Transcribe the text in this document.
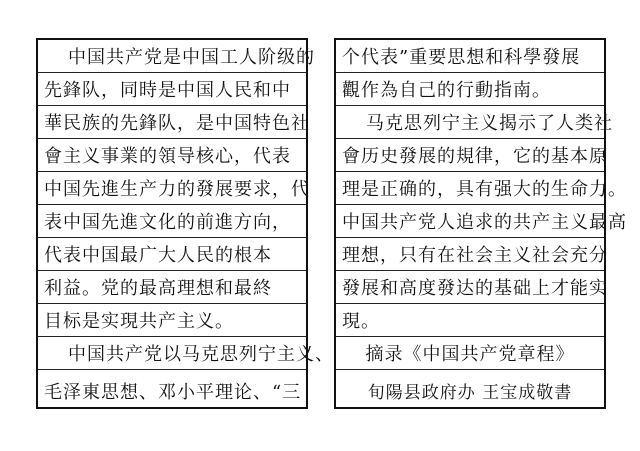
中国共产党是中国工人阶级的
先鋒队，同時是中国人民和中
華民族的先鋒队，是中国特色社
會主义事業的領导核心，代表
中国先進生产力的發展要求，代
表中国先進文化的前進方向，
代表中国最广大人民的根本
利益。党的最高理想和最終
目标是实現共产主义。
中国共产党以马克思列宁主义、
毛泽東思想、邓小平理论、“三
个代表”重要思想和科學發展
觀作為自己的行動指南。
马克思列宁主义揭示了人类社
會历史發展的規律，它的基本原
理是正确的，具有强大的生命力。
中国共产党人追求的共产主义最高
理想，只有在社会主义社会充分
發展和高度發达的基础上才能实
現。
摘录《中国共产党章程》
旬陽县政府办 王宝成敬書
